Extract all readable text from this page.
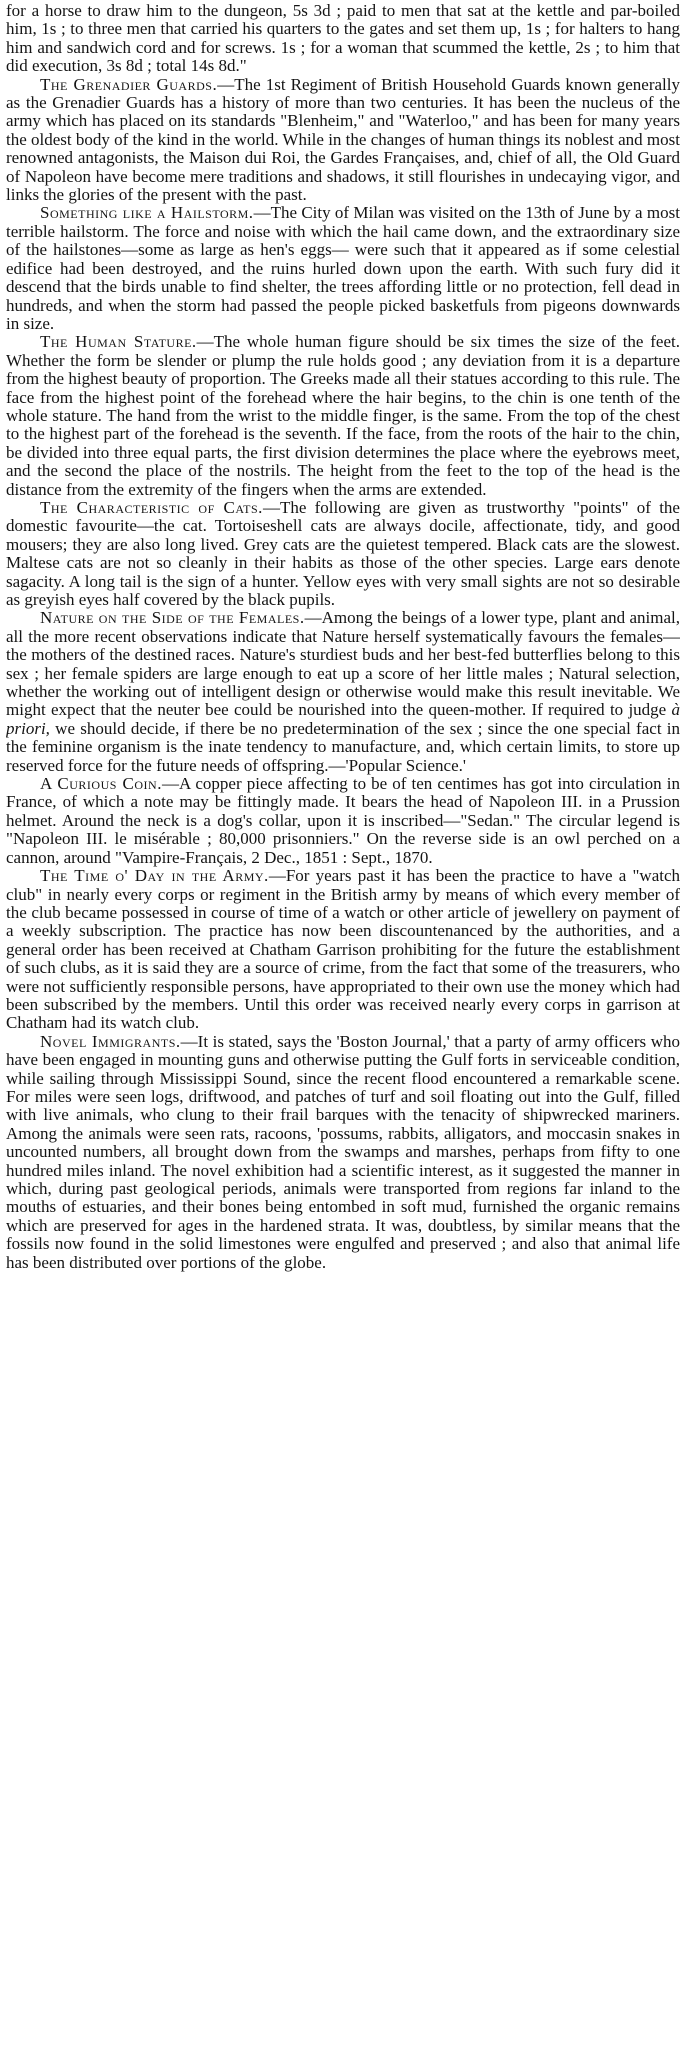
for a horse to draw him to the dungeon, 5s 3d ; paid to men that sat at the kettle and par-boiled him, 1s ; to three men that carried his quarters to the gates and set them up, 1s ; for halters to hang him and sandwich cord and for screws. 1s ; for a woman that scummed the kettle, 2s ; to him that did execution, 3s 8d ; total 14s 8d."

The Grenadier Guards.—The 1st Regiment of British Household Guards known generally as the Grenadier Guards has a history of more than two centuries. It has been the nucleus of the army which has placed on its standards "Blenheim," and "Waterloo," and has been for many years the oldest body of the kind in the world. While in the changes of human things its noblest and most renowned antagonists, the Maison dui Roi, the Gardes Françaises, and, chief of all, the Old Guard of Napoleon have become mere traditions and shadows, it still flourishes in undecaying vigor, and links the glories of the present with the past.

Something like a Hailstorm.—The City of Milan was visited on the 13th of June by a most terrible hailstorm. The force and noise with which the hail came down, and the extraordinary size of the hailstones—some as large as hen's eggs— were such that it appeared as if some celestial edifice had been destroyed, and the ruins hurled down upon the earth. With such fury did it descend that the birds unable to find shelter, the trees affording little or no protection, fell dead in hundreds, and when the storm had passed the people picked basketfuls from pigeons downwards in size.

The Human Stature.—The whole human figure should be six times the size of the feet. Whether the form be slender or plump the rule holds good ; any deviation from it is a departure from the highest beauty of proportion. The Greeks made all their statues according to this rule. The face from the highest point of the forehead where the hair begins, to the chin is one tenth of the whole stature. The hand from the wrist to the middle finger, is the same. From the top of the chest to the highest part of the forehead is the seventh. If the face, from the roots of the hair to the chin, be divided into three equal parts, the first division determines the place where the eyebrows meet, and the second the place of the nostrils. The height from the feet to the top of the head is the distance from the extremity of the fingers when the arms are extended.

The Characteristic of Cats.—The following are given as trustworthy "points" of the domestic favourite—the cat. Tortoiseshell cats are always docile, affectionate, tidy, and good mousers; they are also long lived. Grey cats are the quietest tempered. Black cats are the slowest. Maltese cats are not so cleanly in their habits as those of the other species. Large ears denote sagacity. A long tail is the sign of a hunter. Yellow eyes with very small sights are not so desirable as greyish eyes half covered by the black pupils.

Nature on the Side of the Females.—Among the beings of a lower type, plant and animal, all the more recent observations indicate that Nature herself systematically favours the females—the mothers of the destined races. Nature's sturdiest buds and her best-fed butterflies belong to this sex ; her female spiders are large enough to eat up a score of her little males ; Natural selection, whether the working out of intelligent design or otherwise would make this result inevitable. We might expect that the neuter bee could be nourished into the queen-mother. If required to judge à priori, we should decide, if there be no predetermination of the sex ; since the one special fact in the feminine organism is the inate tendency to manufacture, and, which certain limits, to store up reserved force for the future needs of offspring.—'Popular Science.'

A Curious Coin.—A copper piece affecting to be of ten centimes has got into circulation in France, of which a note may be fittingly made. It bears the head of Napoleon III. in a Prussion helmet. Around the neck is a dog's collar, upon it is inscribed—"Sedan." The circular legend is "Napoleon III. le misérable ; 80,000 prisonniers." On the reverse side is an owl perched on a cannon, around "Vampire-Français, 2 Dec., 1851 : Sept., 1870.

The Time o' Day in the Army.—For years past it has been the practice to have a "watch club" in nearly every corps or regiment in the British army by means of which every member of the club became possessed in course of time of a watch or other article of jewellery on payment of a weekly subscription. The practice has now been discountenanced by the authorities, and a general order has been received at Chatham Garrison prohibiting for the future the establishment of such clubs, as it is said they are a source of crime, from the fact that some of the treasurers, who were not sufficiently responsible persons, have appropriated to their own use the money which had been subscribed by the members. Until this order was received nearly every corps in garrison at Chatham had its watch club.

Novel Immigrants.—It is stated, says the 'Boston Journal,' that a party of army officers who have been engaged in mounting guns and otherwise putting the Gulf forts in serviceable condition, while sailing through Mississippi Sound, since the recent flood encountered a remarkable scene. For miles were seen logs, driftwood, and patches of turf and soil floating out into the Gulf, filled with live animals, who clung to their frail barques with the tenacity of shipwrecked mariners. Among the animals were seen rats, racoons, 'possums, rabbits, alligators, and moccasin snakes in uncounted numbers, all brought down from the swamps and marshes, perhaps from fifty to one hundred miles inland. The novel exhibition had a scientific interest, as it suggested the manner in which, during past geological periods, animals were transported from regions far inland to the mouths of estuaries, and their bones being entombed in soft mud, furnished the organic remains which are preserved for ages in the hardened strata. It was, doubtless, by similar means that the fossils now found in the solid limestones were engulfed and preserved ; and also that animal life has been distributed over portions of the globe.
